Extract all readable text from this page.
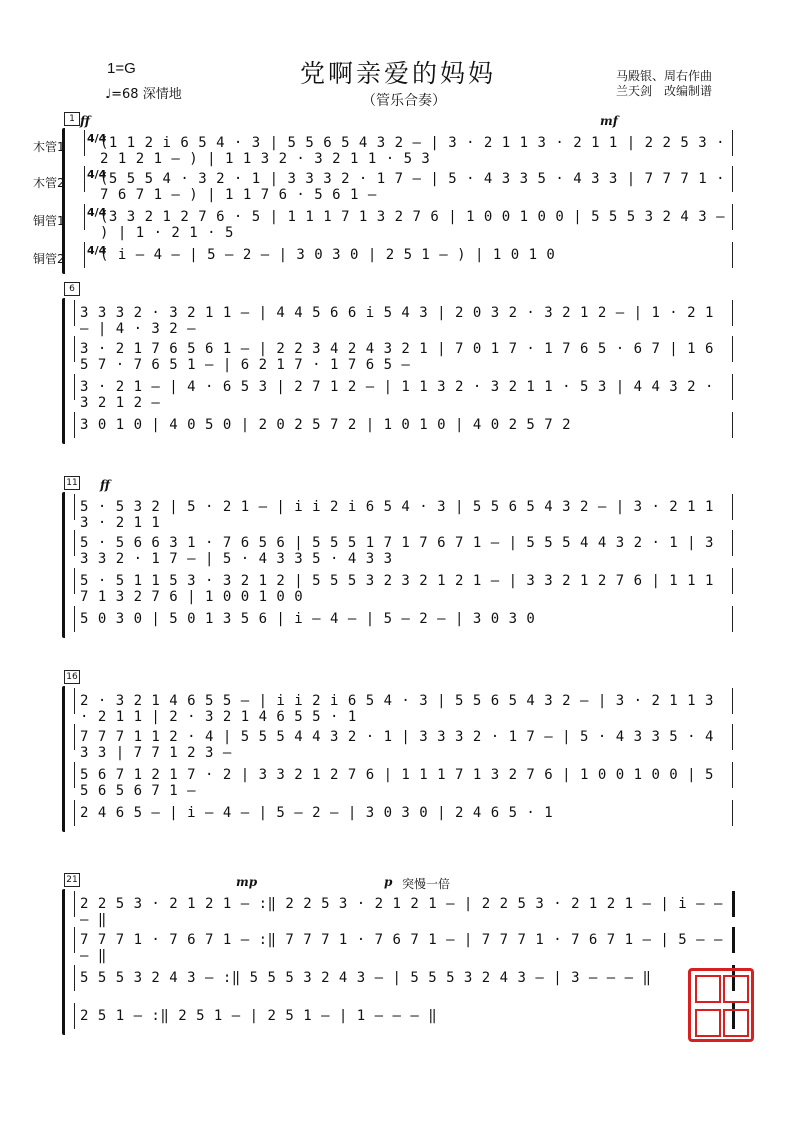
1=G
♩=68 深情地
党啊亲爱的妈妈
（管乐合奏）
马殿银、周右作曲
兰天剑　改编制谱
1 ff	mf
木管1
4/4
(1 1 2 i 6 5 4 · 3 | 5 5 6 5 4 3 2 – | 3 · 2 1 1 3 · 2 1 1 | 2 2 5 3 · 2 1 2 1 – ) | 1 1 3 2 · 3 2 1 1 · 5 3
木管2
4/4
(5 5 5 4 · 3 2 · 1 | 3 3 3 2 · 1 7 – | 5 · 4 3 3 5 · 4 3 3 | 7 7 7 1 · 7 6 7 1 – ) | 1 1 7 6 · 5 6 1 –
铜管1
4/4
(3 3 2 1 2 7 6 · 5 | 1 1 1 7 1 3 2 7 6 | 1 0 0 1 0 0 | 5 5 5 3 2 4 3 – ) | 1 · 2 1 · 5
铜管2
4/4
( i – 4 – | 5 – 2 – | 3 0 3 0 | 2 5 1 – ) | 1 0 1 0
6
3 3 3 2 · 3 2 1 1 – | 4 4 5 6 6 i 5 4 3 | 2 0 3 2 · 3 2 1 2 – | 1 · 2 1 – | 4 · 3 2 –
3 · 2 1 7 6 5 6 1 – | 2 2 3 4 2 4 3 2 1 | 7 0 1 7 · 1 7 6 5 · 6 7 | 1 6 5 7 · 7 6 5 1 – | 6 2 1 7 · 1 7 6 5 –
3 · 2 1 – | 4 · 6 5 3 | 2 7 1 2 – | 1 1 3 2 · 3 2 1 1 · 5 3 | 4 4 3 2 · 3 2 1 2 –
3 0 1 0 | 4 0 5 0 | 2 0 2 5 7 2 | 1 0 1 0 | 4 0 2 5 7 2
11 ff
5 · 5 3 2 | 5 · 2 1 – | i i 2 i 6 5 4 · 3 | 5 5 6 5 4 3 2 – | 3 · 2 1 1 3 · 2 1 1
5 · 5 6 6 3 1 · 7 6 5 6 | 5 5 5 1 7 1 7 6 7 1 – | 5 5 5 4 4 3 2 · 1 | 3 3 3 2 · 1 7 – | 5 · 4 3 3 5 · 4 3 3
5 · 5 1 1 5 3 · 3 2 1 2 | 5 5 5 3 2 3 2 1 2 1 – | 3 3 2 1 2 7 6 | 1 1 1 7 1 3 2 7 6 | 1 0 0 1 0 0
5 0 3 0 | 5 0 1 3 5 6 | i – 4 – | 5 – 2 – | 3 0 3 0
16
2 · 3 2 1 4 6 5 5 – | i i 2 i 6 5 4 · 3 | 5 5 6 5 4 3 2 – | 3 · 2 1 1 3 · 2 1 1 | 2 · 3 2 1 4 6 5 5 · 1
7 7 7 1 1 2 · 4 | 5 5 5 4 4 3 2 · 1 | 3 3 3 2 · 1 7 – | 5 · 4 3 3 5 · 4 3 3 | 7 7 1 2 3 –
5 6 7 1 2 1 7 · 2 | 3 3 2 1 2 7 6 | 1 1 1 7 1 3 2 7 6 | 1 0 0 1 0 0 | 5 5 6 5 6 7 1 –
2 4 6 5 – | i – 4 – | 5 – 2 – | 3 0 3 0 | 2 4 6 5 · 1
21	mp	p 突慢一倍
2 2 5 3 · 2 1 2 1 – :‖ 2 2 5 3 · 2 1 2 1 – | 2 2 5 3 · 2 1 2 1 – | i – – – ‖
7 7 7 1 · 7 6 7 1 – :‖ 7 7 7 1 · 7 6 7 1 – | 7 7 7 1 · 7 6 7 1 – | 5 – – – ‖
5 5 5 3 2 4 3 – :‖ 5 5 5 3 2 4 3 – | 5 5 5 3 2 4 3 – | 3 – – – ‖
2 5 1 – :‖ 2 5 1 – | 2 5 1 – | 1 – – – ‖
